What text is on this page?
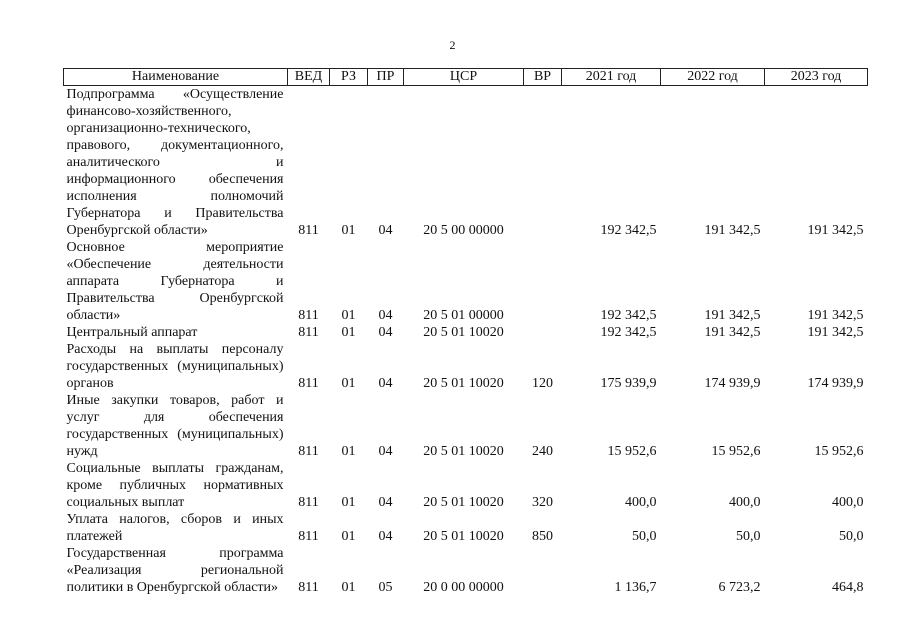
2
Наименование	ВЕД	РЗ	ПР	ЦСР	ВР	2021 год	2022 год	2023 год
Подпрограмма «Осуществление финансово-хозяйственного, организационно-технического, правового, документационного, аналитического и информационного обеспечения исполнения полномочий Губернатора и Правительства Оренбургской области»	811	01	04	20 5 00 00000		192 342,5	191 342,5	191 342,5
Основное мероприятие «Обеспечение деятельности аппарата Губернатора и Правительства Оренбургской области»	811	01	04	20 5 01 00000		192 342,5	191 342,5	191 342,5
Центральный аппарат	811	01	04	20 5 01 10020		192 342,5	191 342,5	191 342,5
Расходы на выплаты персоналу государственных (муниципальных) органов	811	01	04	20 5 01 10020	120	175 939,9	174 939,9	174 939,9
Иные закупки товаров, работ и услуг для обеспечения государственных (муниципальных) нужд	811	01	04	20 5 01 10020	240	15 952,6	15 952,6	15 952,6
Социальные выплаты гражданам, кроме публичных нормативных социальных выплат	811	01	04	20 5 01 10020	320	400,0	400,0	400,0
Уплата налогов, сборов и иных платежей	811	01	04	20 5 01 10020	850	50,0	50,0	50,0
Государственная программа «Реализация региональной политики в Оренбургской области»	811	01	05	20 0 00 00000		1 136,7	6 723,2	464,8
